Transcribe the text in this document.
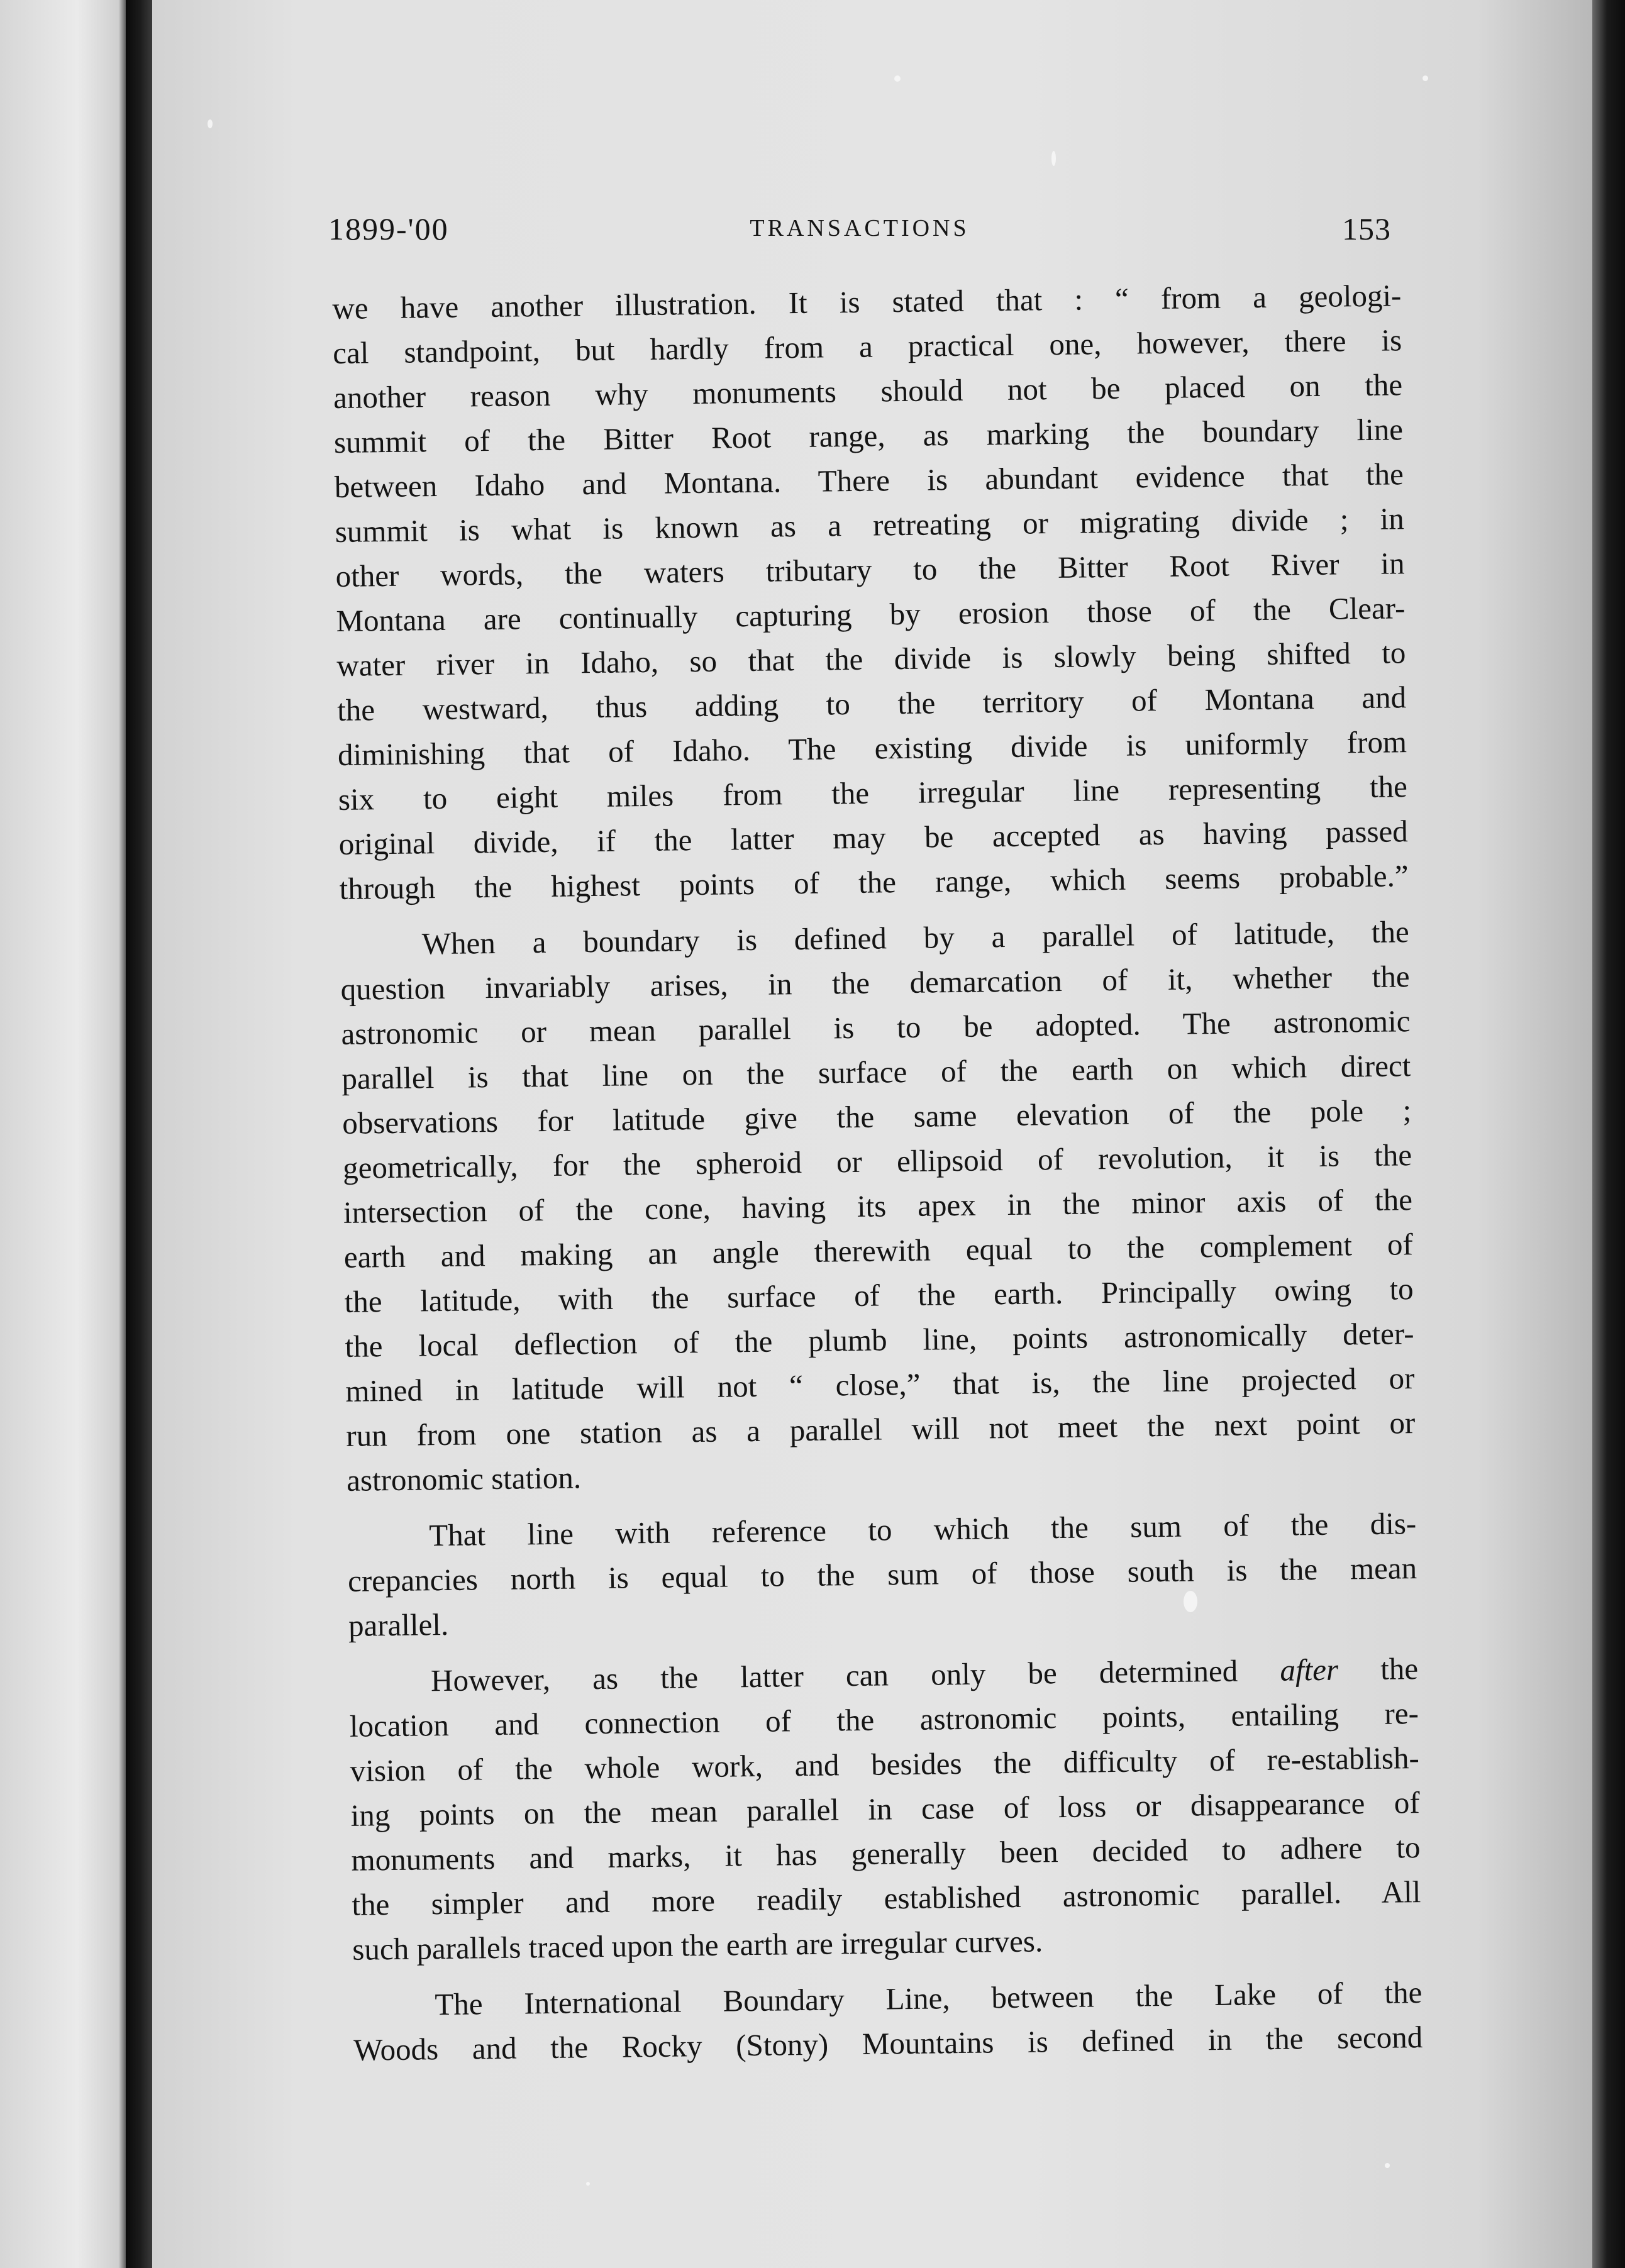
1899-'00	TRANSACTIONS	153

we have another illustration. It is stated that : “ from a geologi-
cal standpoint, but hardly from a practical one, however, there is
another reason why monuments should not be placed on the
summit of the Bitter Root range, as marking the boundary line
between Idaho and Montana. There is abundant evidence that the
summit is what is known as a retreating or migrating divide ; in
other words, the waters tributary to the Bitter Root River in
Montana are continually capturing by erosion those of the Clear-
water river in Idaho, so that the divide is slowly being shifted to
the westward, thus adding to the territory of Montana and
diminishing that of Idaho. The existing divide is uniformly from
six to eight miles from the irregular line representing the
original divide, if the latter may be accepted as having passed
through the highest points of the range, which seems probable.”

When a boundary is defined by a parallel of latitude, the
question invariably arises, in the demarcation of it, whether the
astronomic or mean parallel is to be adopted. The astronomic
parallel is that line on the surface of the earth on which direct
observations for latitude give the same elevation of the pole ;
geometrically, for the spheroid or ellipsoid of revolution, it is the
intersection of the cone, having its apex in the minor axis of the
earth and making an angle therewith equal to the complement of
the latitude, with the surface of the earth. Principally owing to
the local deflection of the plumb line, points astronomically deter-
mined in latitude will not “ close,” that is, the line projected or
run from one station as a parallel will not meet the next point or
astronomic station.

That line with reference to which the sum of the dis-
crepancies north is equal to the sum of those south is the mean
parallel.

However, as the latter can only be determined after the
location and connection of the astronomic points, entailing re-
vision of the whole work, and besides the difficulty of re-establish-
ing points on the mean parallel in case of loss or disappearance of
monuments and marks, it has generally been decided to adhere to
the simpler and more readily established astronomic parallel. All
such parallels traced upon the earth are irregular curves.

The International Boundary Line, between the Lake of the
Woods and the Rocky (Stony) Mountains is defined in the second
